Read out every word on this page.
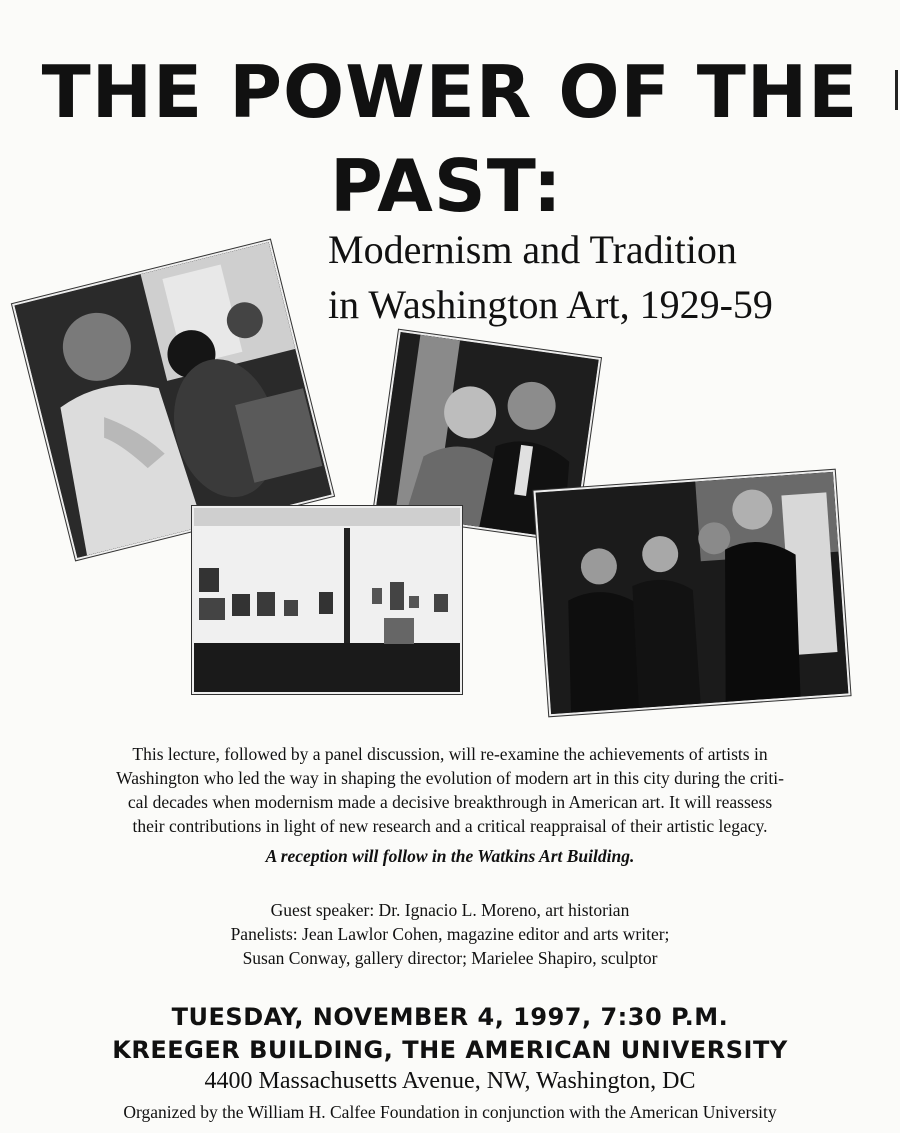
THE POWER OF THE
PAST:
Modernism and Tradition
in Washington Art, 1929-59
This lecture, followed by a panel discussion, will re-examine the achievements of artists in
Washington who led the way in shaping the evolution of modern art in this city during the criti-
cal decades when modernism made a decisive breakthrough in American art. It will reassess
their contributions in light of new research and a critical reappraisal of their artistic legacy.
A reception will follow in the Watkins Art Building.
Guest speaker: Dr. Ignacio L. Moreno, art historian
Panelists: Jean Lawlor Cohen, magazine editor and arts writer;
Susan Conway, gallery director; Marielee Shapiro, sculptor
TUESDAY, NOVEMBER 4, 1997, 7:30 P.M.
KREEGER BUILDING, THE AMERICAN UNIVERSITY
4400 Massachusetts Avenue, NW, Washington, DC
Organized by the William H. Calfee Foundation in conjunction with the American University
